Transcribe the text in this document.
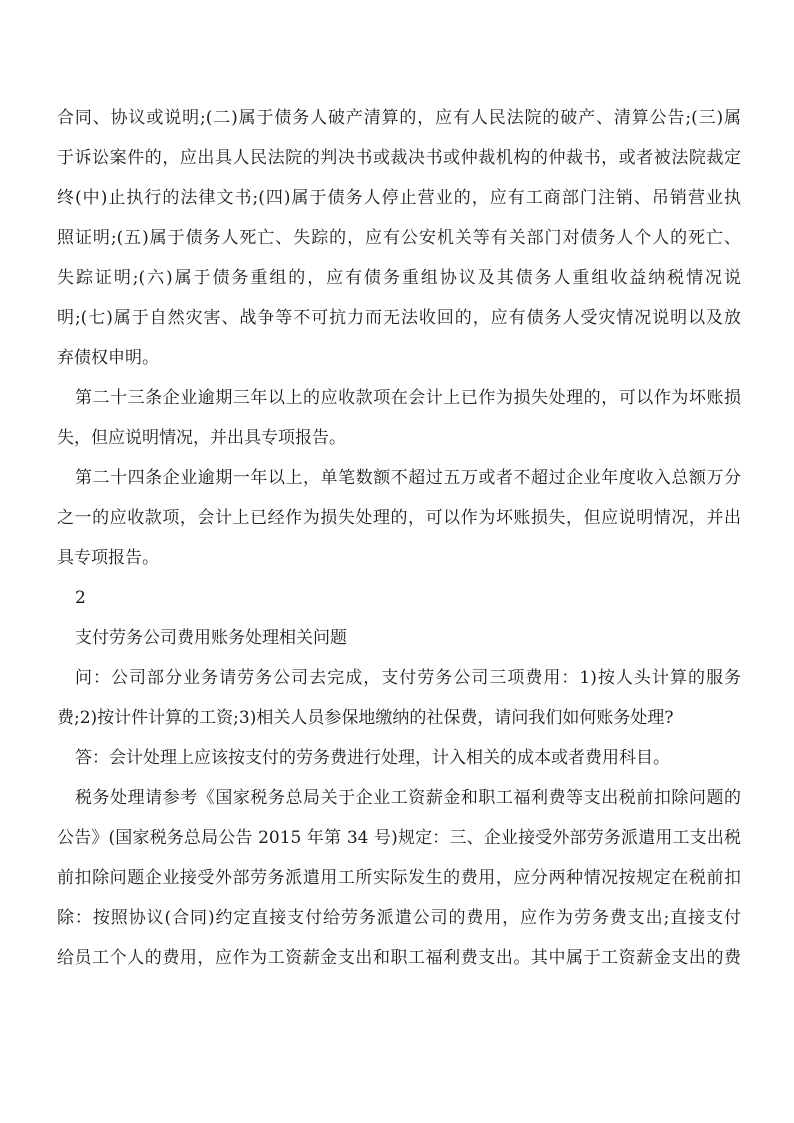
合同、协议或说明;(二)属于债务人破产清算的，应有人民法院的破产、清算公告;(三)属
于诉讼案件的，应出具人民法院的判决书或裁决书或仲裁机构的仲裁书，或者被法院裁定
终(中)止执行的法律文书;(四)属于债务人停止营业的，应有工商部门注销、吊销营业执
照证明;(五)属于债务人死亡、失踪的，应有公安机关等有关部门对债务人个人的死亡、
失踪证明;(六)属于债务重组的，应有债务重组协议及其债务人重组收益纳税情况说
明;(七)属于自然灾害、战争等不可抗力而无法收回的，应有债务人受灾情况说明以及放
弃债权申明。
第二十三条企业逾期三年以上的应收款项在会计上已作为损失处理的，可以作为坏账损
失，但应说明情况，并出具专项报告。
第二十四条企业逾期一年以上，单笔数额不超过五万或者不超过企业年度收入总额万分
之一的应收款项，会计上已经作为损失处理的，可以作为坏账损失，但应说明情况，并出
具专项报告。
2
支付劳务公司费用账务处理相关问题
问：公司部分业务请劳务公司去完成，支付劳务公司三项费用：1)按人头计算的服务
费;2)按计件计算的工资;3)相关人员参保地缴纳的社保费，请问我们如何账务处理?
答：会计处理上应该按支付的劳务费进行处理，计入相关的成本或者费用科目。
税务处理请参考《国家税务总局关于企业工资薪金和职工福利费等支出税前扣除问题的
公告》(国家税务总局公告 2015 年第 34 号)规定：三、企业接受外部劳务派遣用工支出税
前扣除问题企业接受外部劳务派遣用工所实际发生的费用，应分两种情况按规定在税前扣
除：按照协议(合同)约定直接支付给劳务派遣公司的费用，应作为劳务费支出;直接支付
给员工个人的费用，应作为工资薪金支出和职工福利费支出。其中属于工资薪金支出的费
